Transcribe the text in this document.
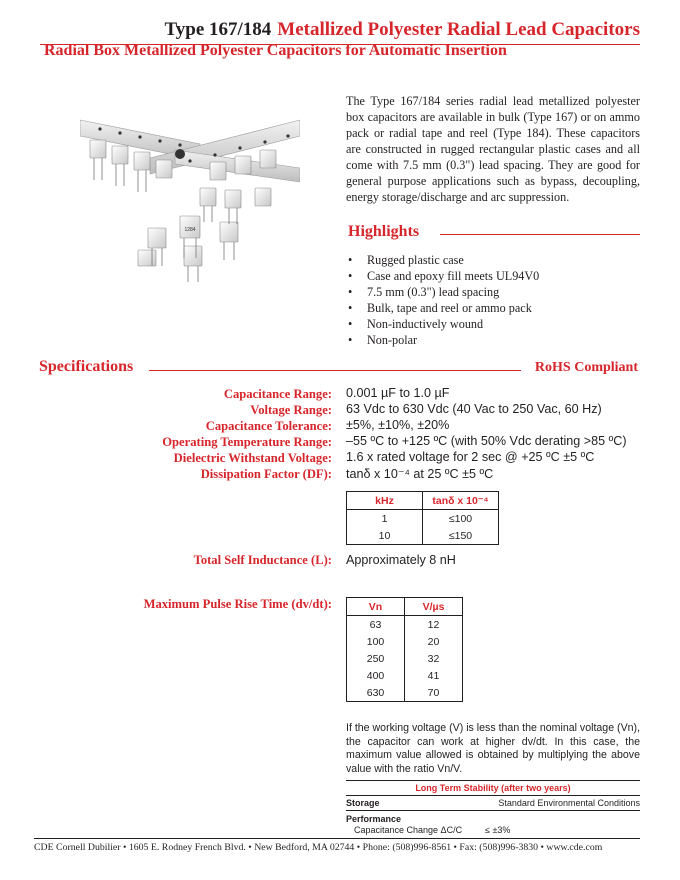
Type 167/184 Metallized Polyester Radial Lead Capacitors
Radial Box Metallized Polyester Capacitors for Automatic Insertion
1284

The Type 167/184 series radial lead metallized polyester box capacitors are available in bulk (Type 167) or on ammo pack or radial tape and reel (Type 184). These capacitors are constructed in rugged rectangular plastic cases and all come with 7.5 mm (0.3") lead spacing. They are good for general purpose applications such as bypass, decoupling, energy storage/discharge and arc suppression.

Highlights
• Rugged plastic case
• Case and epoxy fill meets UL94V0
• 7.5 mm (0.3") lead spacing
• Bulk, tape and reel or ammo pack
• Non-inductively wound
• Non-polar
Specifications	RoHS Compliant
Capacitance Range: 0.001 µF to 1.0 µF
Voltage Range: 63 Vdc to 630 Vdc (40 Vac to 250 Vac, 60 Hz)
Capacitance Tolerance: ±5%, ±10%, ±20%
Operating Temperature Range: –55 ºC to +125 ºC (with 50% Vdc derating >85 ºC)
Dielectric Withstand Voltage: 1.6 x rated voltage for 2 sec @ +25 ºC ±5 ºC
Dissipation Factor (DF): tanδ x 10⁻⁴ at 25 ºC ±5 ºC
kHz	tanδ x 10⁻⁴
1	≤100
10	≤150
Total Self Inductance (L): Approximately 8 nH
Maximum Pulse Rise Time (dv/dt):	Vn	V/µs
63	12
100	20
250	32
400	41
630	70

If the working voltage (V) is less than the nominal voltage (Vn), the capacitor can work at higher dv/dt. In this case, the maximum value allowed is obtained by multiplying the above value with the ratio Vn/V.

Long Term Stability (after two years)
Storage	Standard Environmental Conditions
Performance
Capacitance Change ΔC/C	≤ ±3%
CDE Cornell Dubilier • 1605 E. Rodney French Blvd. • New Bedford, MA 02744 • Phone: (508)996-8561 • Fax: (508)996-3830 • www.cde.com
